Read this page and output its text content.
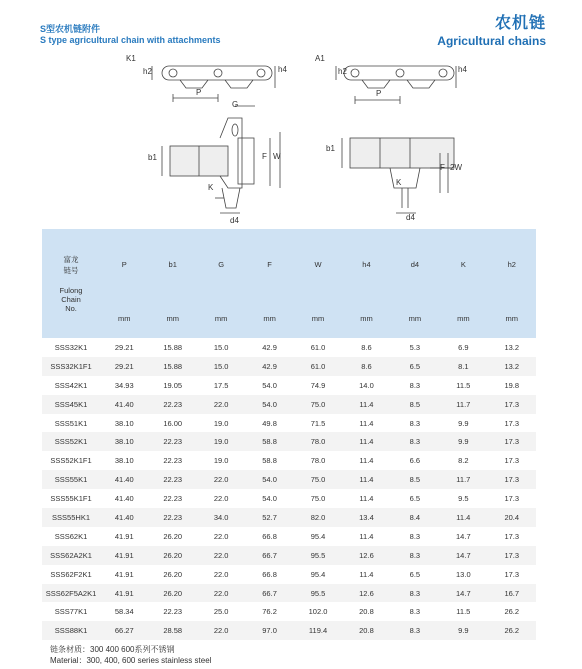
S型农机链附件
S type agricultural chain with attachments
农机链
Agricultural chains
K1
h2	h4
P
G
b1	F W
K
d4
A1
h2	h4
P
b1
F 2W
K
d4
富龙
链号
Fulong
Chain
No.	P	b1	G	F	W	h4	d4	K	h2
	mm	mm	mm	mm	mm	mm	mm	mm	mm
SSS32K1	29.21	15.88	15.0	42.9	61.0	8.6	5.3	6.9	13.2
SSS32K1F1	29.21	15.88	15.0	42.9	61.0	8.6	6.5	8.1	13.2
SSS42K1	34.93	19.05	17.5	54.0	74.9	14.0	8.3	11.5	19.8
SSS45K1	41.40	22.23	22.0	54.0	75.0	11.4	8.5	11.7	17.3
SSS51K1	38.10	16.00	19.0	49.8	71.5	11.4	8.3	9.9	17.3
SSS52K1	38.10	22.23	19.0	58.8	78.0	11.4	8.3	9.9	17.3
SSS52K1F1	38.10	22.23	19.0	58.8	78.0	11.4	6.6	8.2	17.3
SSS55K1	41.40	22.23	22.0	54.0	75.0	11.4	8.5	11.7	17.3
SSS55K1F1	41.40	22.23	22.0	54.0	75.0	11.4	6.5	9.5	17.3
SSS55HK1	41.40	22.23	34.0	52.7	82.0	13.4	8.4	11.4	20.4
SSS62K1	41.91	26.20	22.0	66.8	95.4	11.4	8.3	14.7	17.3
SSS62A2K1	41.91	26.20	22.0	66.7	95.5	12.6	8.3	14.7	17.3
SSS62F2K1	41.91	26.20	22.0	66.8	95.4	11.4	6.5	13.0	17.3
SSS62F5A2K1	41.91	26.20	22.0	66.7	95.5	12.6	8.3	14.7	16.7
SSS77K1	58.34	22.23	25.0	76.2	102.0	20.8	8.3	11.5	26.2
SSS88K1	66.27	28.58	22.0	97.0	119.4	20.8	8.3	9.9	26.2
链条材质：300 400 600系列不锈钢
Material：300, 400, 600 series stainless steel
